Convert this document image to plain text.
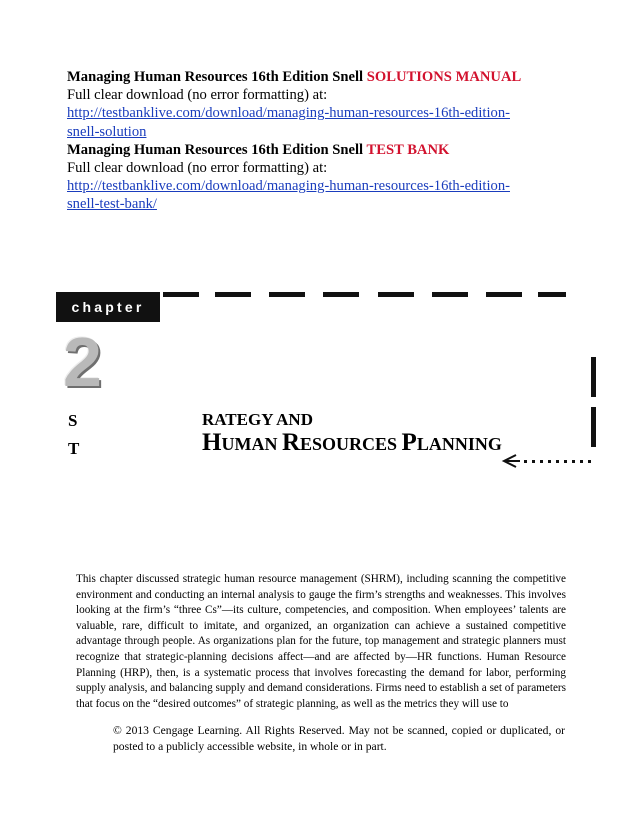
Managing Human Resources 16th Edition Snell SOLUTIONS MANUAL
Full clear download (no error formatting) at:
http://testbanklive.com/download/managing-human-resources-16th-edition-
snell-solution
Managing Human Resources 16th Edition Snell TEST BANK
Full clear download (no error formatting) at:
http://testbanklive.com/download/managing-human-resources-16th-edition-
snell-test-bank/
chapter
2
S
T
RATEGY AND
HUMAN RESOURCES PLANNING
This chapter discussed strategic human resource management (SHRM), including scanning the competitive environment and conducting an internal analysis to gauge the firm’s strengths and weaknesses. This involves looking at the firm’s “three Cs”—its culture, competencies, and composition. When employees’ talents are valuable, rare, difficult to imitate, and organized, an organization can achieve a sustained competitive advantage through people. As organizations plan for the future, top management and strategic planners must recognize that strategic-planning decisions affect—and are affected by—HR functions. Human Resource Planning (HRP), then, is a systematic process that involves forecasting the demand for labor, performing supply analysis, and balancing supply and demand considerations. Firms need to establish a set of parameters that focus on the “desired outcomes” of strategic planning, as well as the metrics they will use to
© 2013 Cengage Learning. All Rights Reserved. May not be scanned, copied or duplicated, or posted to a publicly accessible website, in whole or in part.
